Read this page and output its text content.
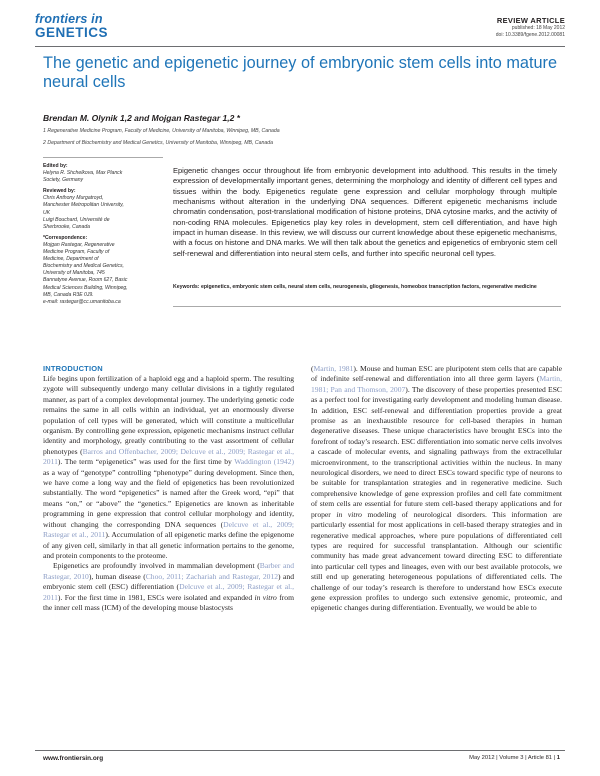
frontiers in
GENETICS
REVIEW ARTICLE
published: 18 May 2012
doi: 10.3389/fgene.2012.00081
The genetic and epigenetic journey of embryonic stem cells into mature neural cells
Brendan M. Olynik 1,2 and Mojgan Rastegar 1,2 *
1 Regenerative Medicine Program, Faculty of Medicine, University of Manitoba, Winnipeg, MB, Canada
2 Department of Biochemistry and Medical Genetics, University of Manitoba, Winnipeg, MB, Canada

Edited by:
Helyna R. Shchelkova, Max Planck
Society, Germany

Reviewed by:
Chris Anthony Murgatroyd,
Manchester Metropolitan University,
UK
Luigi Bouchard, Université de
Sherbrooke, Canada

*Correspondence:
Mojgan Rastegar, Regenerative
Medicine Program, Faculty of
Medicine, Department of
Biochemistry and Medical Genetics,
University of Manitoba, 745
Bannatyne Avenue, Room 627, Basic
Medical Sciences Building, Winnipeg,
MB, Canada R3E 0J9.
e-mail: rastegar@cc.umanitoba.ca

Epigenetic changes occur throughout life from embryonic development into adulthood. This results in the timely expression of developmentally important genes, determining the morphology and identity of different cell types and tissues within the body. Epigenetics regulate gene expression and cellular morphology through multiple mechanisms without alteration in the underlying DNA sequences. Different epigenetic mechanisms include chromatin condensation, post-translational modification of histone proteins, DNA cytosine marks, and the activity of non-coding RNA molecules. Epigenetics play key roles in development, stem cell differentiation, and have high impact in human disease. In this review, we will discuss our current knowledge about these epigenetic mechanisms, with a focus on histone and DNA marks. We will then talk about the genetics and epigenetics of embryonic stem cell self-renewal and differentiation into neural stem cells, and further into specific neuronal cell types.
Keywords: epigenetics, embryonic stem cells, neural stem cells, neurogenesis, gliogenesis, homeobox transcription factors, regenerative medicine
INTRODUCTION

Life begins upon fertilization of a haploid egg and a haploid sperm. The resulting zygote will subsequently undergo many cellular divisions in a tightly regulated manner, as part of a complex developmental journey. The underlying genetic code remains the same in all cells within an individual, yet an enormously diverse population of cell types will be generated, which will constitute a multicellular organism. By controlling gene expression, epigenetic mechanisms instruct cellular identity and morphology, greatly contributing to the vast assortment of cellular phenotypes (Barros and Offenbacher, 2009; Delcuve et al., 2009; Rastegar et al., 2011). The term “epigenetics” was used for the first time by Waddington (1942) as a way of “genotype” controlling “phenotype” during development. Since then, we have come a long way and the field of epigenetics has been revolutionized substantially. The word “epigenetics” is named after the Greek word, “epi” that means “on,” or “above” the “genetics.” Epigenetics are known as inheritable programming in gene expression that control cellular morphology and identity, without changing the corresponding DNA sequences (Delcuve et al., 2009; Rastegar et al., 2011). Accumulation of all epigenetic marks define the epigenome of any given cell, similarly in that all genetic information pertains to the genome, and protein components to the proteome.

Epigenetics are profoundly involved in mammalian development (Barber and Rastegar, 2010), human disease (Choo, 2011; Zachariah and Rastegar, 2012) and embryonic stem cell (ESC) differentiation (Delcuve et al., 2009; Rastegar et al., 2011). For the first time in 1981, ESCs were isolated and expanded in vitro from the inner cell mass (ICM) of the developing mouse blastocysts

(Martin, 1981). Mouse and human ESC are pluripotent stem cells that are capable of indefinite self-renewal and differentiation into all three germ layers (Martin, 1981; Pan and Thomson, 2007). The discovery of these properties presented ESC as a perfect tool for investigating early development and modeling human disease. In addition, ESC self-renewal and differentiation properties provide a great promise as an inexhaustible resource for cell-based therapies in human degenerative diseases. These unique characteristics have brought ESCs into the forefront of today’s research. ESC differentiation into somatic nerve cells involves a cascade of molecular events, and signaling pathways from the extracellular microenvironment, to the transcriptional activities within the nucleus. In many neurological disorders, we need to direct ESCs toward specific type of neurons to be suitable for transplantation strategies and in regenerative medicine. Such comprehensive knowledge of gene expression profiles and cell fate commitment of stem cells are essential for future stem cell-based therapy applications and for proper in vitro modeling of neurological disorders. This information are particularly essential for most applications in cell-based therapy strategies and in regenerative medical approaches, where pure populations of differentiated cell types are required for successful transplantation. Although our scientific community has made great advancement toward directing ESC to differentiate into particular cell types and lineages, even with our best available protocols, we still end up generating heterogeneous populations of differentiated cells. The challenge of our today’s research is therefore to understand how ESCs execute gene expression profiles to undergo such extensive genomic, proteomic, and epigenetic changes during differentiation. Eventually, we would be able to

www.frontiersin.org	May 2012 | Volume 3 | Article 81 | 1
